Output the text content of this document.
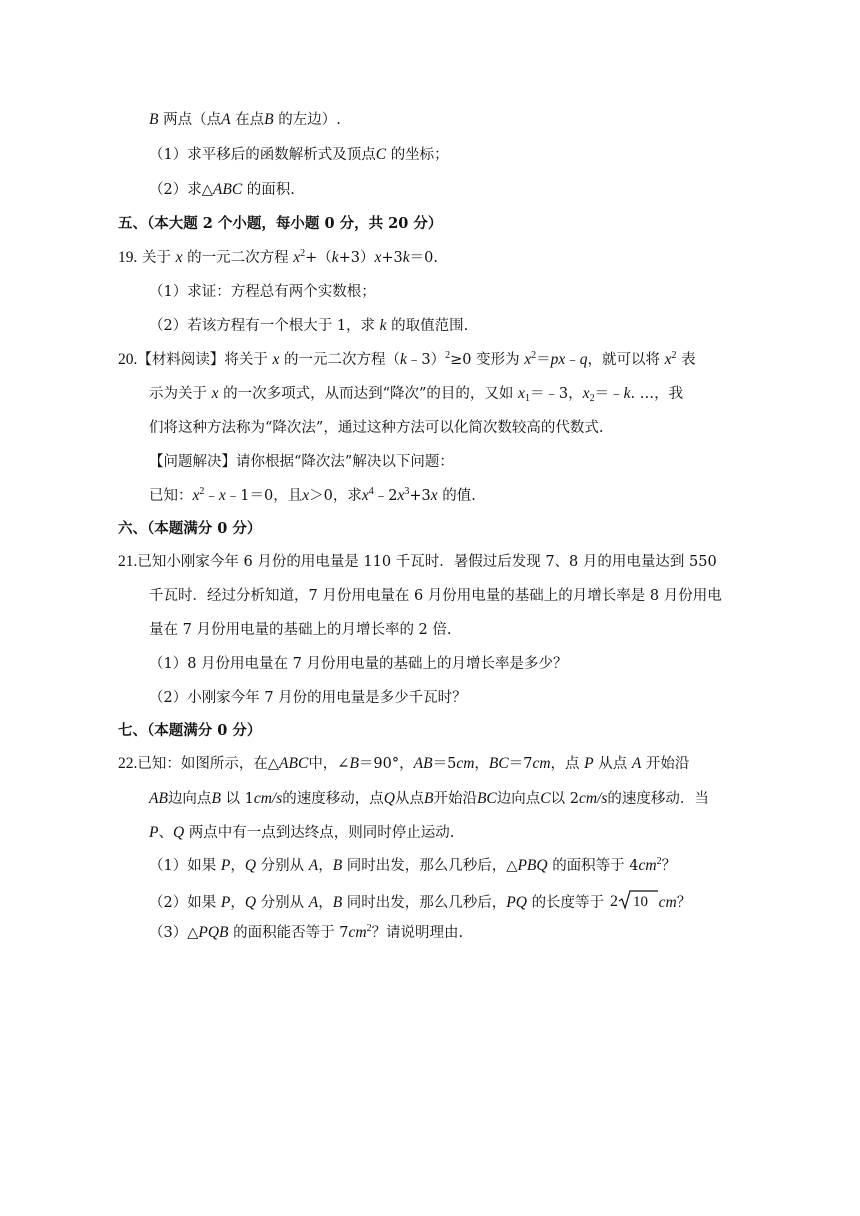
B 两点（点A 在点B 的左边）.
（1）求平移后的函数解析式及顶点C 的坐标；
（2）求△ABC 的面积.
五、（本大题 2 个小题，每小题 0 分，共 20 分）
19. 关于 x 的一元二次方程 $x^2+(k+3)x+3k=0$.
（1）求证：方程总有两个实数根；
（2）若该方程有一个根大于 1，求 k 的取值范围.
20.【材料阅读】将关于 x 的一元二次方程（k﹣3）$^2$≥0 变形为 $x^2=px﹣q$，就可以将 $x^2$ 表
示为关于 x 的一次多项式，从而达到“降次”的目的，又如 $x_1=﹣3$，$x_2=﹣k$. …，我
们将这种方法称为“降次法”，通过这种方法可以化简次数较高的代数式.
【问题解决】请你根据“降次法”解决以下问题：
已知：$x^2﹣x﹣1=0$，且x＞0，求$x^4﹣2x^3+3x$ 的值.
六、（本题满分 0 分）
21.已知小刚家今年 6 月份的用电量是 110 千瓦时．暑假过后发现 7、8 月的用电量达到 550
千瓦时．经过分析知道，7 月份用电量在 6 月份用电量的基础上的月增长率是 8 月份用电
量在 7 月份用电量的基础上的月增长率的 2 倍.
（1）8 月份用电量在 7 月份用电量的基础上的月增长率是多少？
（2）小刚家今年 7 月份的用电量是多少千瓦时？
七、（本题满分 0 分）
22.已知：如图所示，在△ABC中，∠B＝90°，AB＝5cm，BC＝7cm，点 P 从点 A 开始沿
AB边向点B 以 1cm/s的速度移动，点Q从点B开始沿BC边向点C以 2cm/s的速度移动．当
P、Q 两点中有一点到达终点，则同时停止运动.
（1）如果 P，Q 分别从 A，B 同时出发，那么几秒后，△PBQ 的面积等于 $4cm^2$？
（2）如果 P，Q 分别从 A，B 同时出发，那么几秒后，PQ 的长度等于 2 10 cm？
（3）△PQB 的面积能否等于 $7cm^2$？请说明理由.
